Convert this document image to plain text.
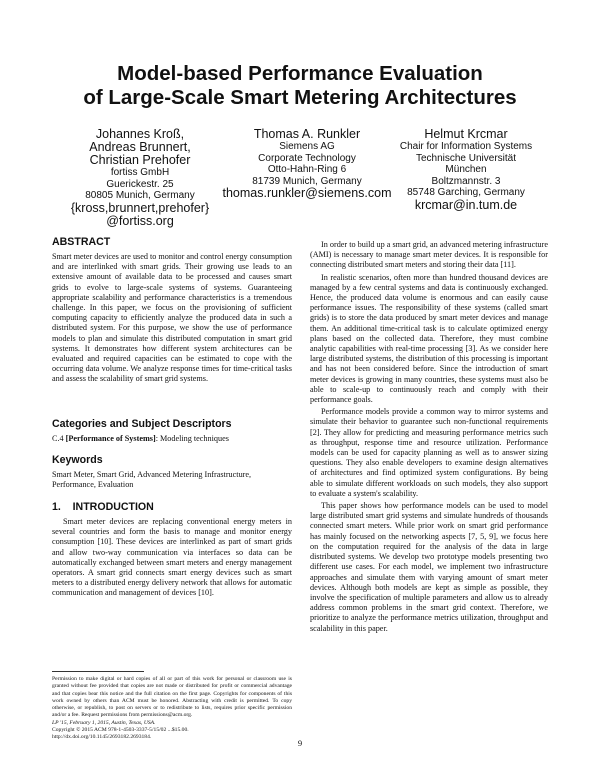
Model-based Performance Evaluation
of Large-Scale Smart Metering Architectures
Johannes Kroß,
Andreas Brunnert,
Christian Prehofer
fortiss GmbH
Guerickestr. 25
80805 Munich, Germany
{kross,brunnert,prehofer}
@fortiss.org
Thomas A. Runkler
Siemens AG
Corporate Technology
Otto-Hahn-Ring 6
81739 Munich, Germany
thomas.runkler@siemens.com
Helmut Krcmar
Chair for Information Systems
Technische Universität
München
Boltzmannstr. 3
85748 Garching, Germany
krcmar@in.tum.de
ABSTRACT

Smart meter devices are used to monitor and control energy consumption and are interlinked with smart grids. Their growing use leads to an extensive amount of available data to be processed and causes smart grids to evolve to large-scale systems of systems. Guaranteeing appropriate scalability and performance characteristics is a tremendous challenge. In this paper, we focus on the provisioning of sufficient computing capacity to efficiently analyze the produced data in such a distributed system. For this purpose, we show the use of performance models to plan and simulate this distributed computation in smart grid systems. It demonstrates how different system architectures can be evaluated and required capacities can be estimated to cope with the occurring data volume. We analyze response times for time-critical tasks and assess the scalability of smart grid systems.

Categories and Subject Descriptors

C.4 [Performance of Systems]: Modeling techniques

Keywords

Smart Meter, Smart Grid, Advanced Metering Infrastructure, Performance, Evaluation

1.    INTRODUCTION

Smart meter devices are replacing conventional energy meters in several countries and form the basis to manage and monitor energy consumption [10]. These devices are interlinked as part of smart grids and allow two-way communication via interfaces so data can be automatically exchanged between smart meters and energy management operators. A smart grid connects smart energy devices such as smart meters to a distributed energy delivery network that allows for automatic communication and management of devices [10].

Permission to make digital or hard copies of all or part of this work for personal or classroom use is granted without fee provided that copies are not made or distributed for profit or commercial advantage and that copies bear this notice and the full citation on the first page. Copyrights for components of this work owned by others than ACM must be honored. Abstracting with credit is permitted. To copy otherwise, or republish, to post on servers or to redistribute to lists, requires prior specific permission and/or a fee. Request permissions from permissions@acm.org.
LP '15, February 1, 2015, Austin, Texas, USA.
Copyright © 2015 ACM 978-1-4503-3337-5/15/02 ...$15.00.
http://dx.doi.org/10.1145/2693182.2693184.

In order to build up a smart grid, an advanced metering infrastructure (AMI) is necessary to manage smart meter devices. It is responsible for connecting distributed smart meters and storing their data [11].

In realistic scenarios, often more than hundred thousand devices are managed by a few central systems and data is continuously exchanged. Hence, the produced data volume is enormous and can easily cause performance issues. The responsibility of these systems (called smart grids) is to store the data produced by smart meter devices and manage them. An additional time-critical task is to calculate optimized energy plans based on the collected data. Therefore, they must combine analytic capabilities with real-time processing [3]. As we consider here large distributed systems, the distribution of this processing is important and has not been considered before. Since the introduction of smart meter devices is growing in many countries, these systems must also be able to scale-up to continuously reach and comply with their performance goals.

Performance models provide a common way to mirror systems and simulate their behavior to guarantee such non-functional requirements [2]. They allow for predicting and measuring performance metrics such as throughput, response time and resource utilization. Performance models can be used for capacity planning as well as to answer sizing questions. They also enable developers to examine design alternatives of architectures and find optimized system configurations. By being able to simulate different workloads on such models, they also support to evaluate a system's scalability.

This paper shows how performance models can be used to model large distributed smart grid systems and simulate hundreds of thousands connected smart meters. While prior work on smart grid performance has mainly focused on the networking aspects [7, 5, 9], we focus here on the computation required for the analysis of the data in large distributed systems. We develop two prototype models presenting two different use cases. For each model, we implement two infrastructure approaches and simulate them with varying amount of smart meter devices. Although both models are kept as simple as possible, they involve the specification of multiple parameters and allow us to already address common problems in the smart grid context. Therefore, we prioritize to analyze the performance metrics utilization, throughput and scalability in this paper.

9
